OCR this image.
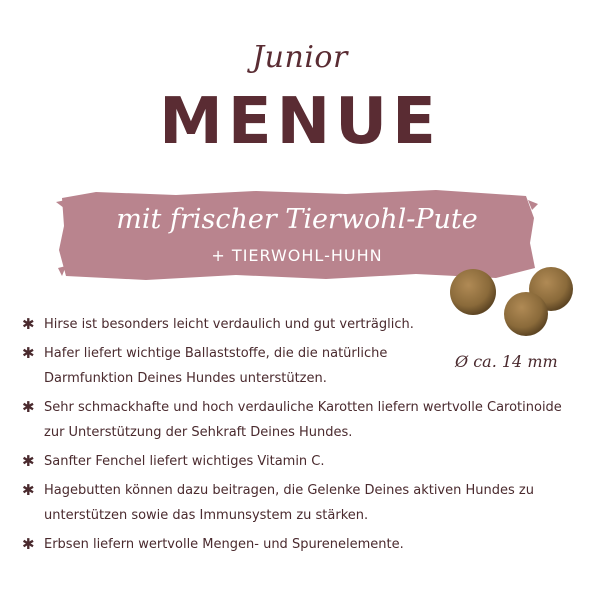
Junior
MENUE
mit frischer Tierwohl-Pute
+ TIERWOHL-HUHN
Ø ca. 14 mm
✱ Hirse ist besonders leicht verdaulich und gut verträglich.
✱ Hafer liefert wichtige Ballaststoffe, die die natürliche Darmfunktion Deines Hundes unterstützen.
✱ Sehr schmackhafte und hoch verdauliche Karotten liefern wertvolle Carotinoide zur Unterstützung der Sehkraft Deines Hundes.
✱ Sanfter Fenchel liefert wichtiges Vitamin C.
✱ Hagebutten können dazu beitragen, die Gelenke Deines aktiven Hundes zu unterstützen sowie das Immunsystem zu stärken.
✱ Erbsen liefern wertvolle Mengen- und Spurenelemente.
